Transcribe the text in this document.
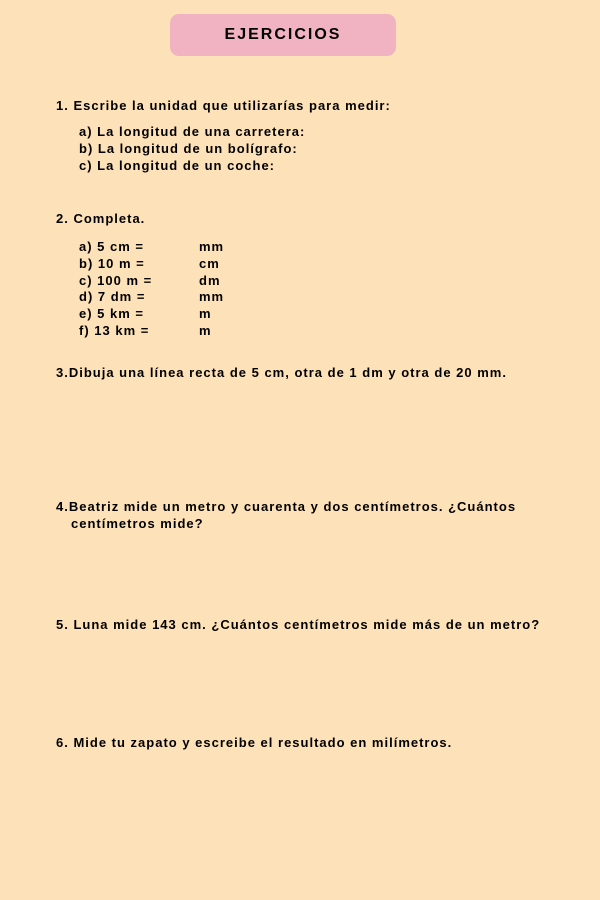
EJERCICIOS
1. Escribe la unidad que utilizarías para medir:
a) La longitud de una carretera:
b) La longitud de un bolígrafo:
c) La longitud de un coche:
2. Completa.
a) 5 cm =	mm
b) 10 m =	cm
c) 100 m =	dm
d) 7 dm =	mm
e) 5 km =	m
f) 13 km =	m
3.Dibuja una línea recta de 5 cm, otra de 1 dm y otra de 20 mm.
4.Beatriz mide un metro y cuarenta y dos centímetros. ¿Cuántos
centímetros mide?
5. Luna mide 143 cm. ¿Cuántos centímetros mide más de un metro?
6. Mide tu zapato y escreibe el resultado en milímetros.
